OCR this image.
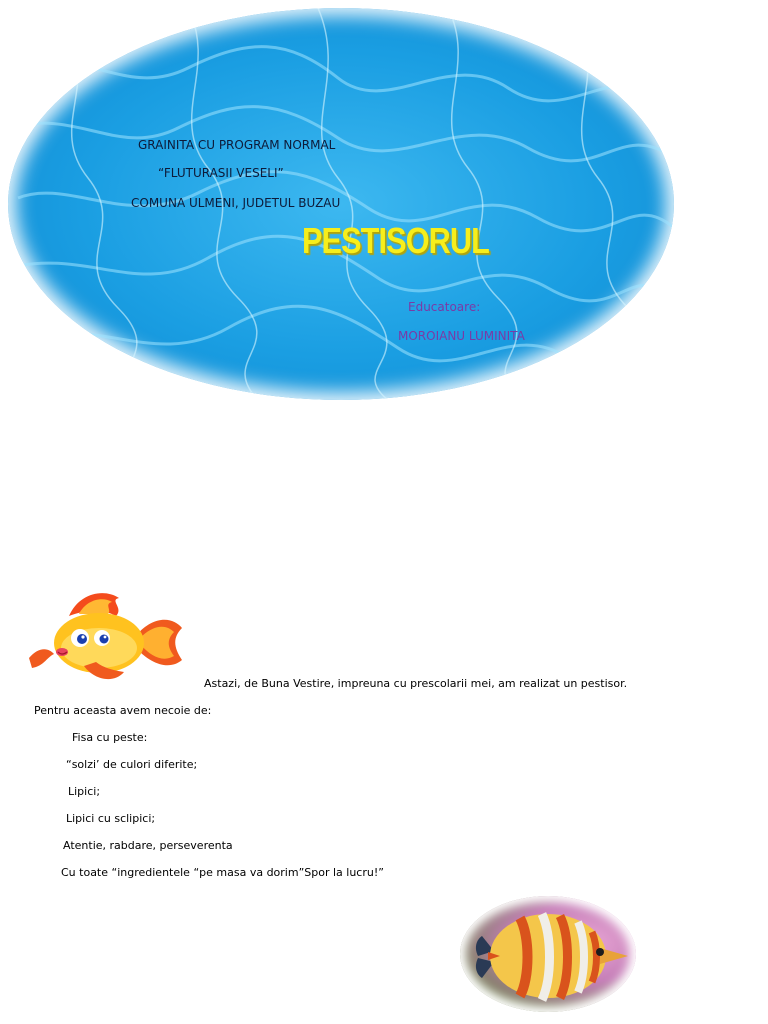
GRAINITA CU PROGRAM NORMAL
“FLUTURASII VESELI”
COMUNA ULMENI, JUDETUL BUZAU
PESTISORUL
Educatoare:
MOROIANU LUMINITA
Astazi, de Buna Vestire, impreuna cu prescolarii mei, am realizat un pestisor.
Pentru aceasta avem necoie de:
Fisa cu peste:
“solzi’ de culori diferite;
Lipici;
Lipici cu sclipici;
Atentie, rabdare, perseverenta
Cu toate “ingredientele “pe masa va dorim”Spor la lucru!”
